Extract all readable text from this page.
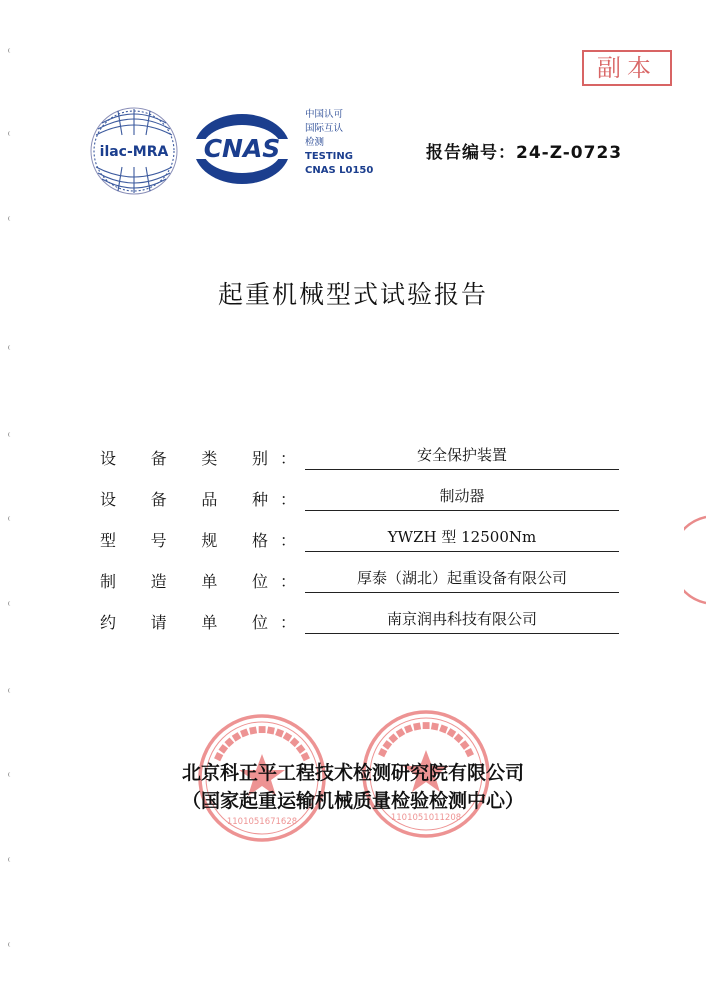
副本
ilac-MRA CNAS
中国认可
国际互认
检测
TESTING
CNAS L0150
报告编号：24-Z-0723
起重机械型式试验报告
设 备 类 别 ：	安全保护装置
设 备 品 种 ：	制动器
型 号 规 格 ：	YWZH 型 12500Nm
制 造 单 位 ：	厚泰（湖北）起重设备有限公司
约 请 单 位 ：	南京润冉科技有限公司
■■■■■■■■■■■■■
1101051671628
■■■■■■■■■■■■■
1101051011208
北京科正平工程技术检测研究院有限公司
（国家起重运输机械质量检验检测中心）
